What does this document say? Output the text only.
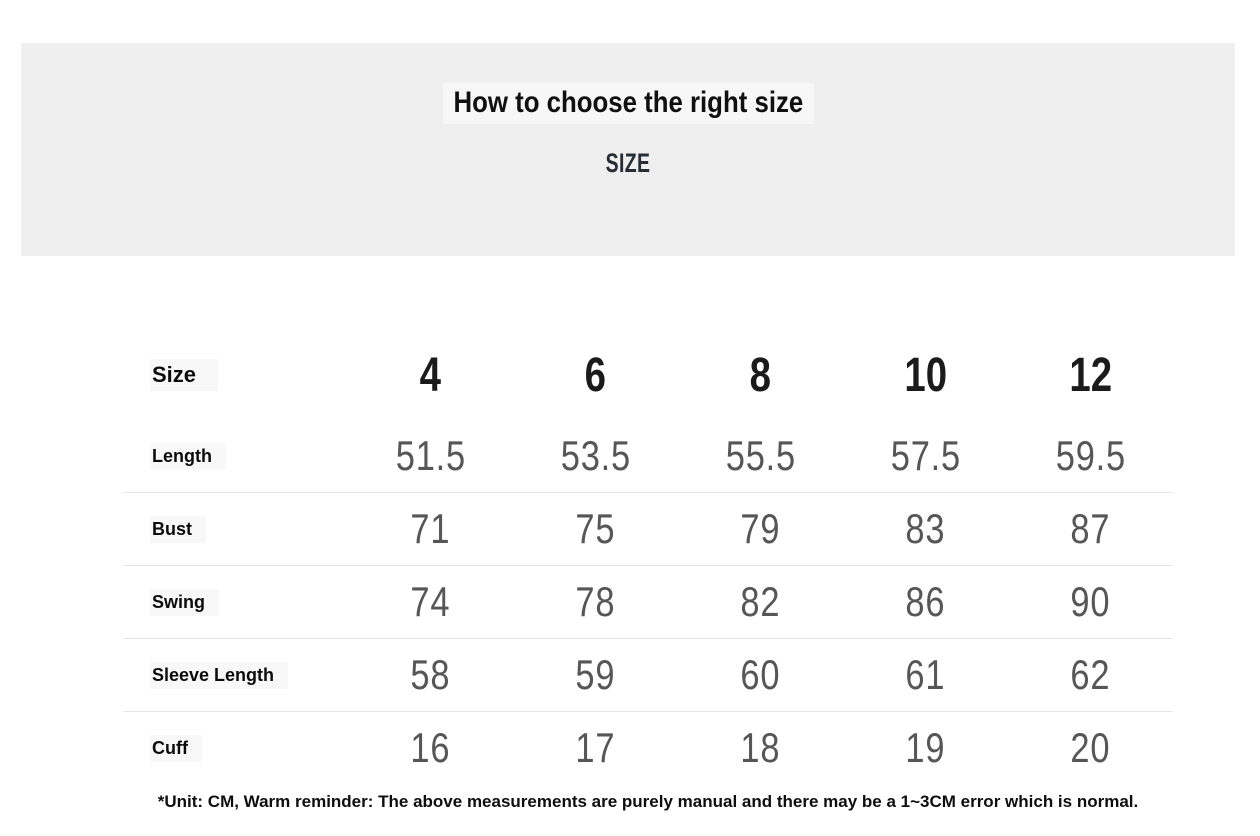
How to choose the right size
SIZE
Size	4	6	8	10	12
Length	51.5	53.5	55.5	57.5	59.5
Bust	71	75	79	83	87
Swing	74	78	82	86	90
Sleeve Length	58	59	60	61	62
Cuff	16	17	18	19	20
*Unit: CM, Warm reminder: The above measurements are purely manual and there may be a 1~3CM error which is normal.
